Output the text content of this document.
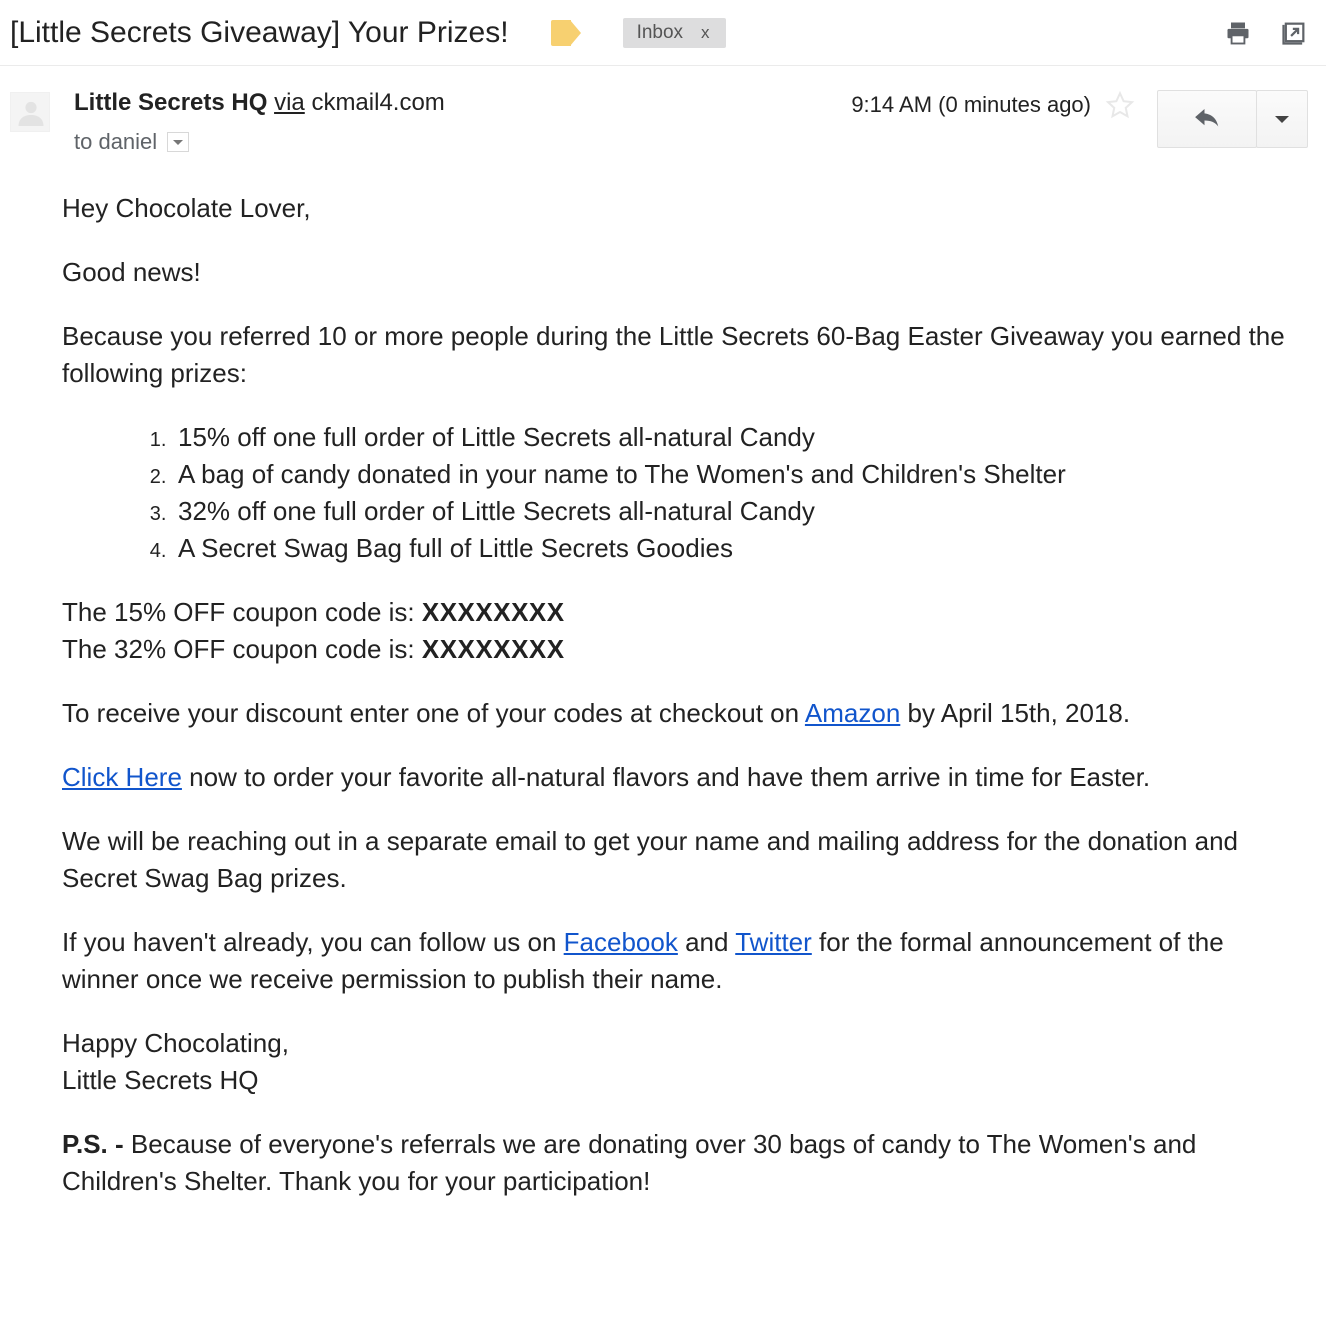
[Little Secrets Giveaway] Your Prizes!	Inbox	x
Little Secrets HQ via ckmail4.com
to daniel
9:14 AM (0 minutes ago)

Hey Chocolate Lover,

Good news!

Because you referred 10 or more people during the Little Secrets 60-Bag Easter Giveaway you earned the following prizes:

1. 15% off one full order of Little Secrets all-natural Candy
2. A bag of candy donated in your name to The Women's and Children's Shelter
3. 32% off one full order of Little Secrets all-natural Candy
4. A Secret Swag Bag full of Little Secrets Goodies
The 15% OFF coupon code is: XXXXXXXX
The 32% OFF coupon code is: XXXXXXXX

To receive your discount enter one of your codes at checkout on Amazon by April 15th, 2018.

Click Here now to order your favorite all-natural flavors and have them arrive in time for Easter.

We will be reaching out in a separate email to get your name and mailing address for the donation and Secret Swag Bag prizes.

If you haven't already, you can follow us on Facebook and Twitter for the formal announcement of the winner once we receive permission to publish their name.

Happy Chocolating,
Little Secrets HQ

P.S. - Because of everyone's referrals we are donating over 30 bags of candy to The Women's and Children's Shelter. Thank you for your participation!
